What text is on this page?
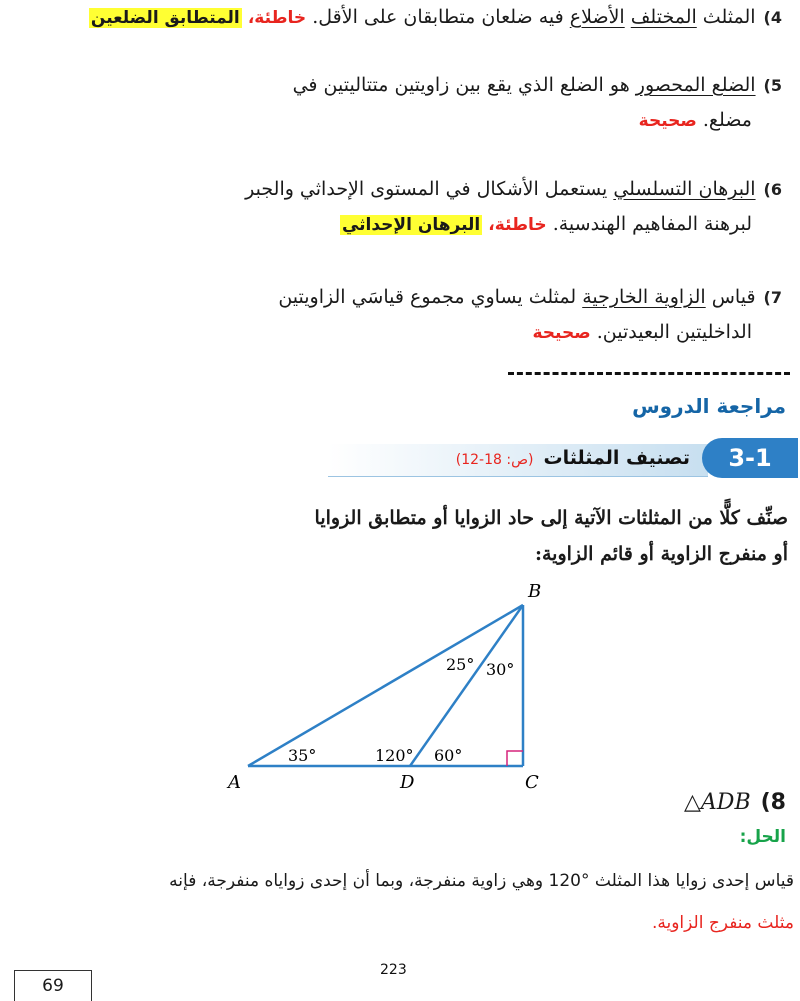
4)المثلث المختلف الأضلاع فيه ضلعان متطابقان على الأقل. خاطئة، المتطابق الضلعين
5)الضلع المحصور هو الضلع الذي يقع بين زاويتين متتاليتين في
مضلع. صحيحة
6)البرهان التسلسلي يستعمل الأشكال في المستوى الإحداثي والجبر
لبرهنة المفاهيم الهندسية. خاطئة، البرهان الإحداثي
7)قياس الزاوية الخارجية لمثلث يساوي مجموع قياسَي الزاويتين
الداخليتين البعيدتين. صحيحة
مراجعة الدروس
3-1
تصنيف المثلثات(ص: 18-12)
صنِّف كلًّا من المثلثات الآتية إلى حاد الزوايا أو متطابق الزوايا
أو منفرج الزاوية أو قائم الزاوية:
B
A	D	C
35°	120° 60°
25° 30°
△ADB (8
الحل:
قياس إحدى زوايا هذا المثلث °120 وهي زاوية منفرجة، وبما أن إحدى زواياه منفرجة، فإنه
مثلث منفرج الزاوية.
223
69
